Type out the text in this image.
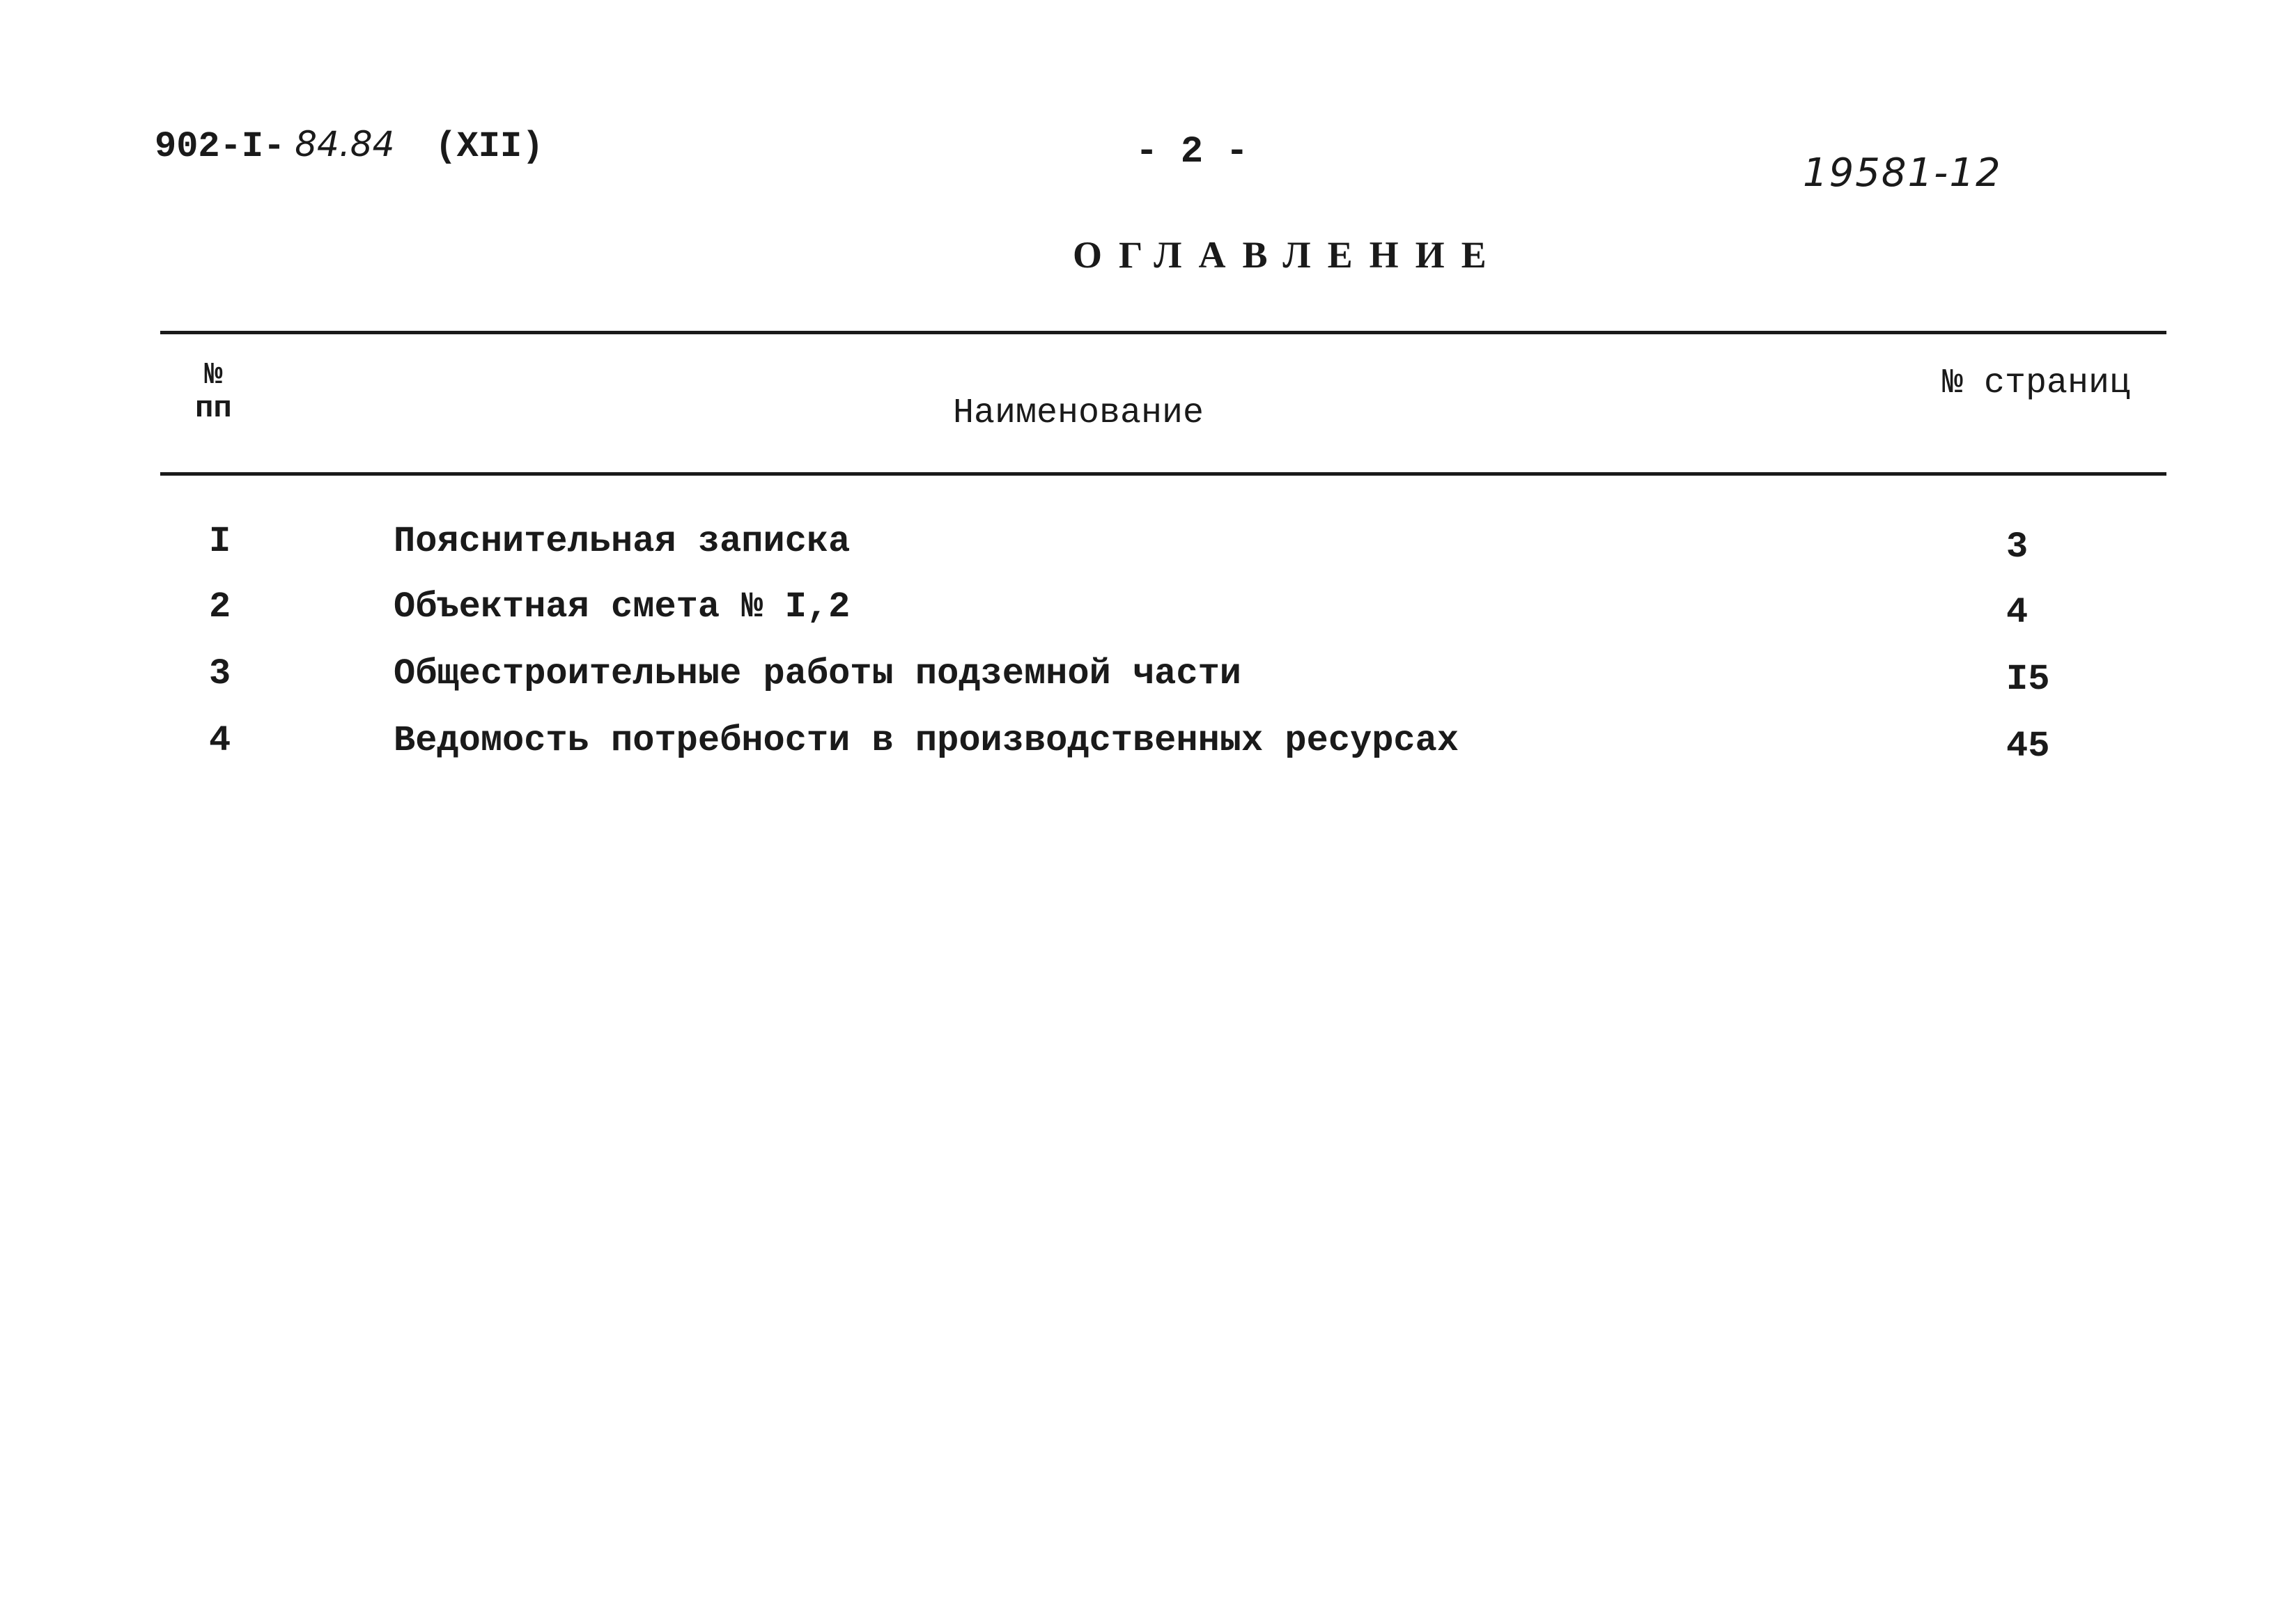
902-I- 84.84 (XII)	- 2 -	19581-12
ОГЛАВЛЕНИЕ
№
пп	Наименование
№ страниц
I	Пояснительная записка	3
2	Объектная смета № I,2	4
3	Общестроительные работы подземной части	I5
4	Ведомость потребности в производственных ресурсах	45
